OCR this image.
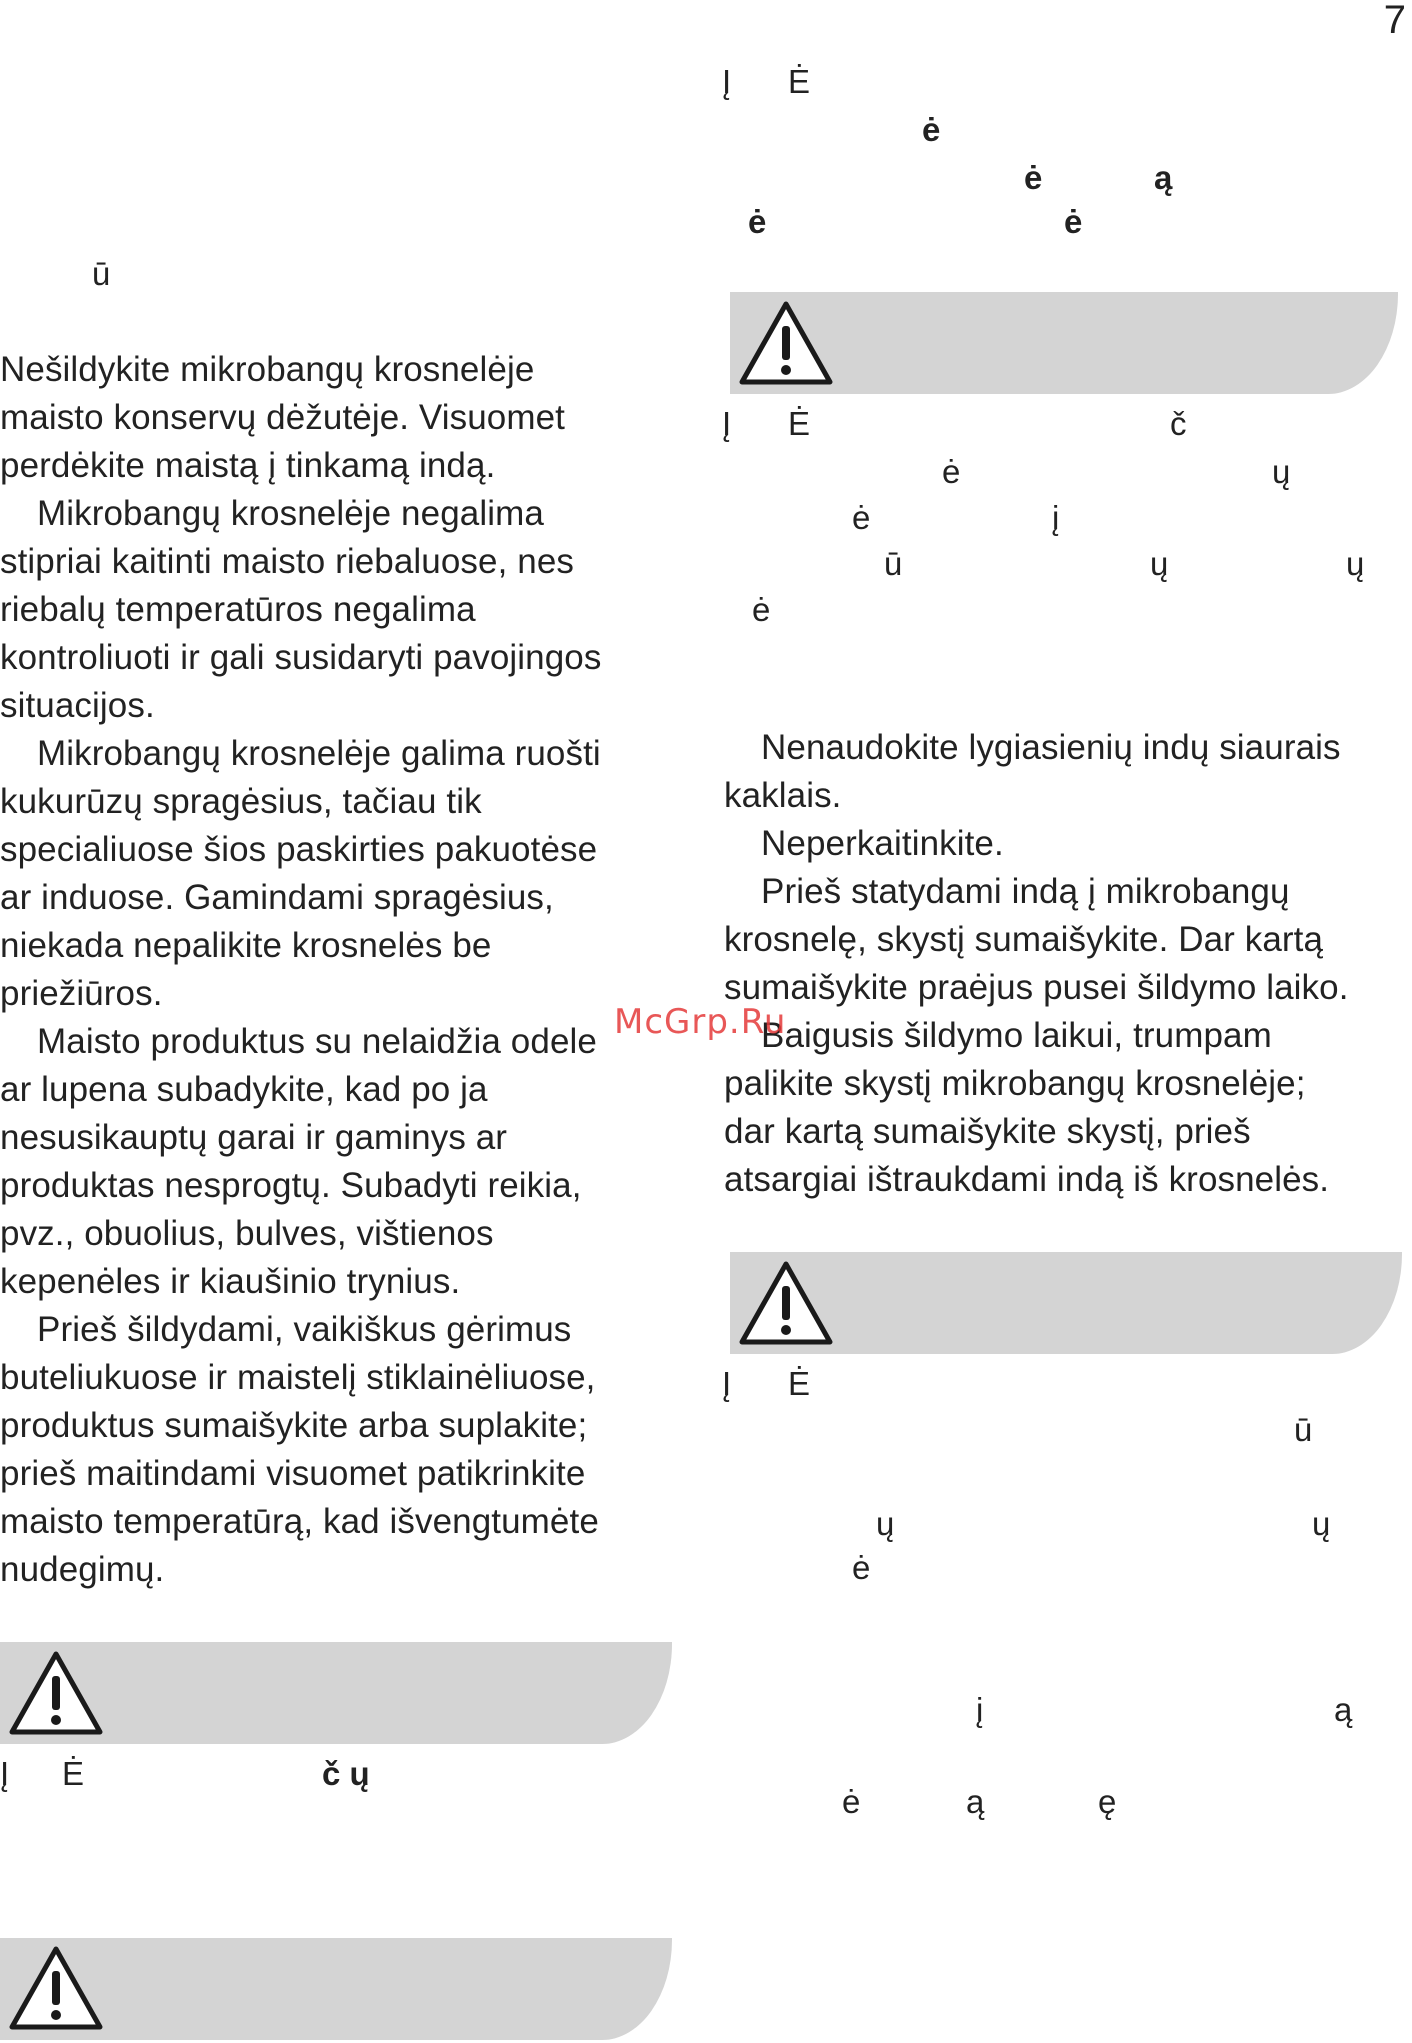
7
ū

Nešildykite mikrobangų krosnelėje

maisto konservų dėžutėje. Visuomet

perdėkite maistą į tinkamą indą.

Mikrobangų krosnelėje negalima

stipriai kaitinti maisto riebaluose, nes

riebalų temperatūros negalima

kontroliuoti ir gali susidaryti pavojingos

situacijos.

Mikrobangų krosnelėje galima ruošti

kukurūzų spragėsius, tačiau tik

specialiuose šios paskirties pakuotėse

ar induose. Gamindami spragėsius,

niekada nepalikite krosnelės be

priežiūros.

Maisto produktus su nelaidžia odele

ar lupena subadykite, kad po ja

nesusikauptų garai ir gaminys ar

produktas nesprogtų. Subadyti reikia,

pvz., obuolius, bulves, vištienos

kepenėles ir kiaušinio trynius.

Prieš šildydami, vaikiškus gėrimus

buteliukuose ir maistelį stiklainėliuose,

produktus sumaišykite arba suplakite;

prieš maitindami visuomet patikrinkite

maisto temperatūrą, kad išvengtumėte

nudegimų.

Į Ė	č ų
Į Ė
ė
ė	ą
ė	ė
Į Ė	č
ė	ų
ė	į
ū	ų	ų
ė

Nenaudokite lygiasienių indų siaurais

kaklais.

Neperkaitinkite.

Prieš statydami indą į mikrobangų

krosnelę, skystį sumaišykite. Dar kartą

sumaišykite praėjus pusei šildymo laiko.

Baigusis šildymo laikui, trumpam

palikite skystį mikrobangų krosnelėje;

dar kartą sumaišykite skystį, prieš

atsargiai ištraukdami indą iš krosnelės.

Į Ė
ū
ų	ų
ė
į	ą
ė	ą	ę
McGrp.Ru
